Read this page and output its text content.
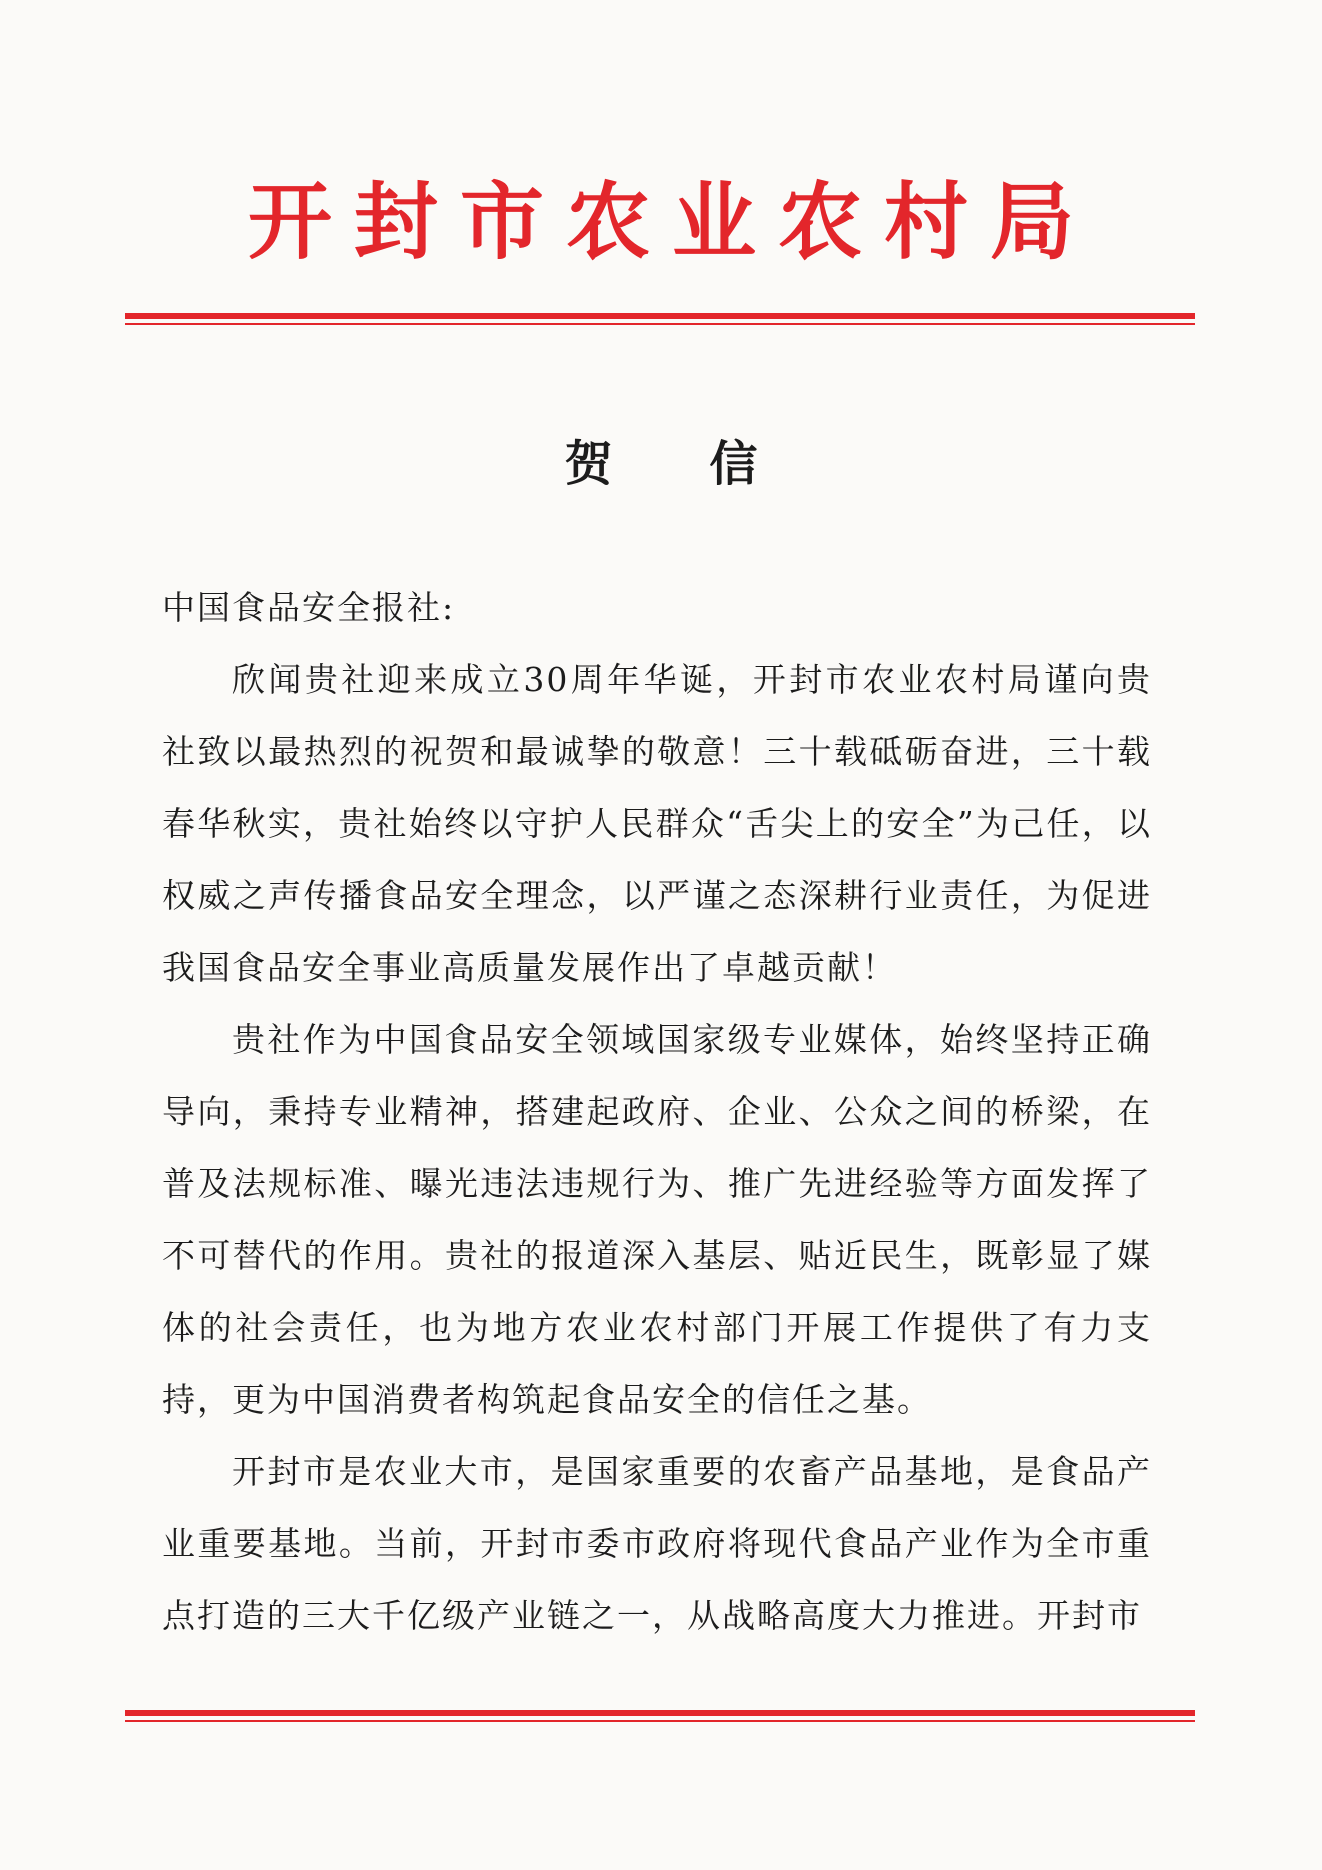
开封市农业农村局
贺 信

中国食品安全报社:

欣闻贵社迎来成立30周年华诞，开封市农业农村局谨向贵社致以最热烈的祝贺和最诚挚的敬意！三十载砥砺奋进，三十载春华秋实，贵社始终以守护人民群众“舌尖上的安全”为己任，以权威之声传播食品安全理念，以严谨之态深耕行业责任，为促进我国食品安全事业高质量发展作出了卓越贡献！

贵社作为中国食品安全领域国家级专业媒体，始终坚持正确导向，秉持专业精神，搭建起政府、企业、公众之间的桥梁，在普及法规标准、曝光违法违规行为、推广先进经验等方面发挥了不可替代的作用。贵社的报道深入基层、贴近民生，既彰显了媒体的社会责任，也为地方农业农村部门开展工作提供了有力支持，更为中国消费者构筑起食品安全的信任之基。

开封市是农业大市，是国家重要的农畜产品基地，是食品产业重要基地。当前，开封市委市政府将现代食品产业作为全市重点打造的三大千亿级产业链之一，从战略高度大力推进。开封市
